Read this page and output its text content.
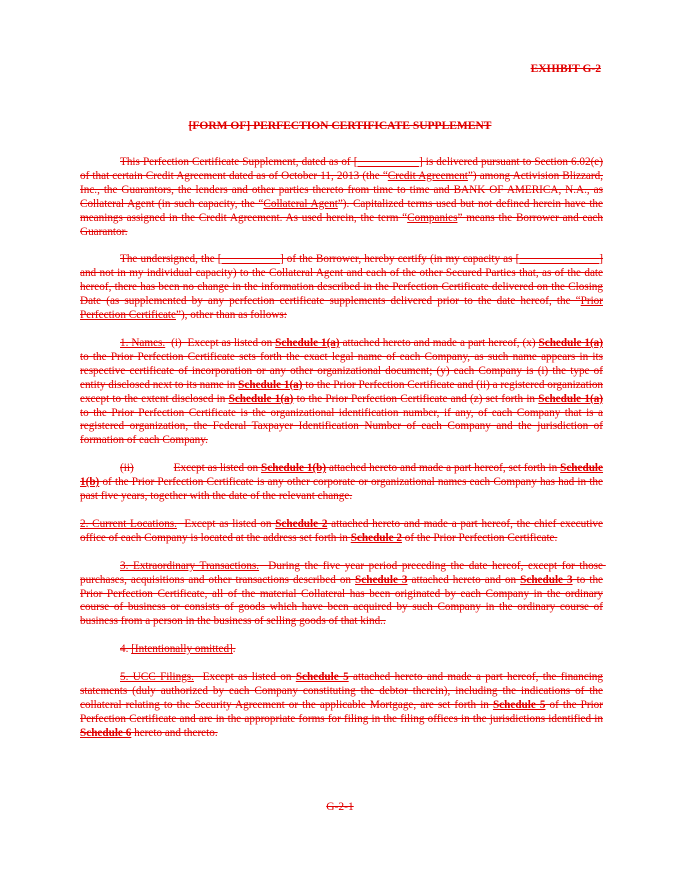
EXHIBIT G-2
[FORM OF] PERFECTION CERTIFICATE SUPPLEMENT

This Perfection Certificate Supplement, dated as of [	] is delivered pursuant to Section 6.02(e) of that certain Credit Agreement dated as of October 11, 2013 (the “Credit Agreement”) among Activision Blizzard, Inc., the Guarantors, the lenders and other parties thereto from time to time and BANK OF AMERICA, N.A., as Collateral Agent (in such capacity, the “Collateral Agent”). Capitalized terms used but not defined herein have the meanings assigned in the Credit Agreement. As used herein, the term “Companies” means the Borrower and each Guarantor.

The undersigned, the [	] of the Borrower, hereby certify (in my capacity as [	] and not in my individual capacity) to the Collateral Agent and each of the other Secured Parties that, as of the date hereof, there has been no change in the information described in the Perfection Certificate delivered on the Closing Date (as supplemented by any perfection certificate supplements delivered prior to the date hereof, the “Prior Perfection Certificate”), other than as follows:

1. Names.  (i)  Except as listed on Schedule 1(a) attached hereto and made a part hereof, (x) Schedule 1(a) to the Prior Perfection Certificate sets forth the exact legal name of each Company, as such name appears in its respective certificate of incorporation or any other organizational document; (y) each Company is (i) the type of entity disclosed next to its name in Schedule 1(a) to the Prior Perfection Certificate and (ii) a registered organization except to the extent disclosed in Schedule 1(a) to the Prior Perfection Certificate and (z) set forth in Schedule 1(a) to the Prior Perfection Certificate is the organizational identification number, if any, of each Company that is a registered organization, the Federal Taxpayer Identification Number of each Company and the jurisdiction of formation of each Company.

(ii)	Except as listed on Schedule 1(b) attached hereto and made a part hereof, set forth in Schedule 1(b) of the Prior Perfection Certificate is any other corporate or organizational names each Company has had in the past five years, together with the date of the relevant change.

2. Current Locations.  Except as listed on Schedule 2 attached hereto and made a part hereof, the chief executive office of each Company is located at the address set forth in Schedule 2 of the Prior Perfection Certificate.

3. Extraordinary Transactions.  During the five year period preceding the date hereof, except for those purchases, acquisitions and other transactions described on Schedule 3 attached hereto and on Schedule 3 to the Prior Perfection Certificate, all of the material Collateral has been originated by each Company in the ordinary course of business or consists of goods which have been acquired by such Company in the ordinary course of business from a person in the business of selling goods of that kind..

4. [Intentionally omitted].

5. UCC Filings.  Except as listed on Schedule 5 attached hereto and made a part hereof, the financing statements (duly authorized by each Company constituting the debtor therein), including the indications of the collateral relating to the Security Agreement or the applicable Mortgage, are set forth in Schedule 5 of the Prior Perfection Certificate and are in the appropriate forms for filing in the filing offices in the jurisdictions identified in Schedule 6 hereto and thereto.

G-2-1
